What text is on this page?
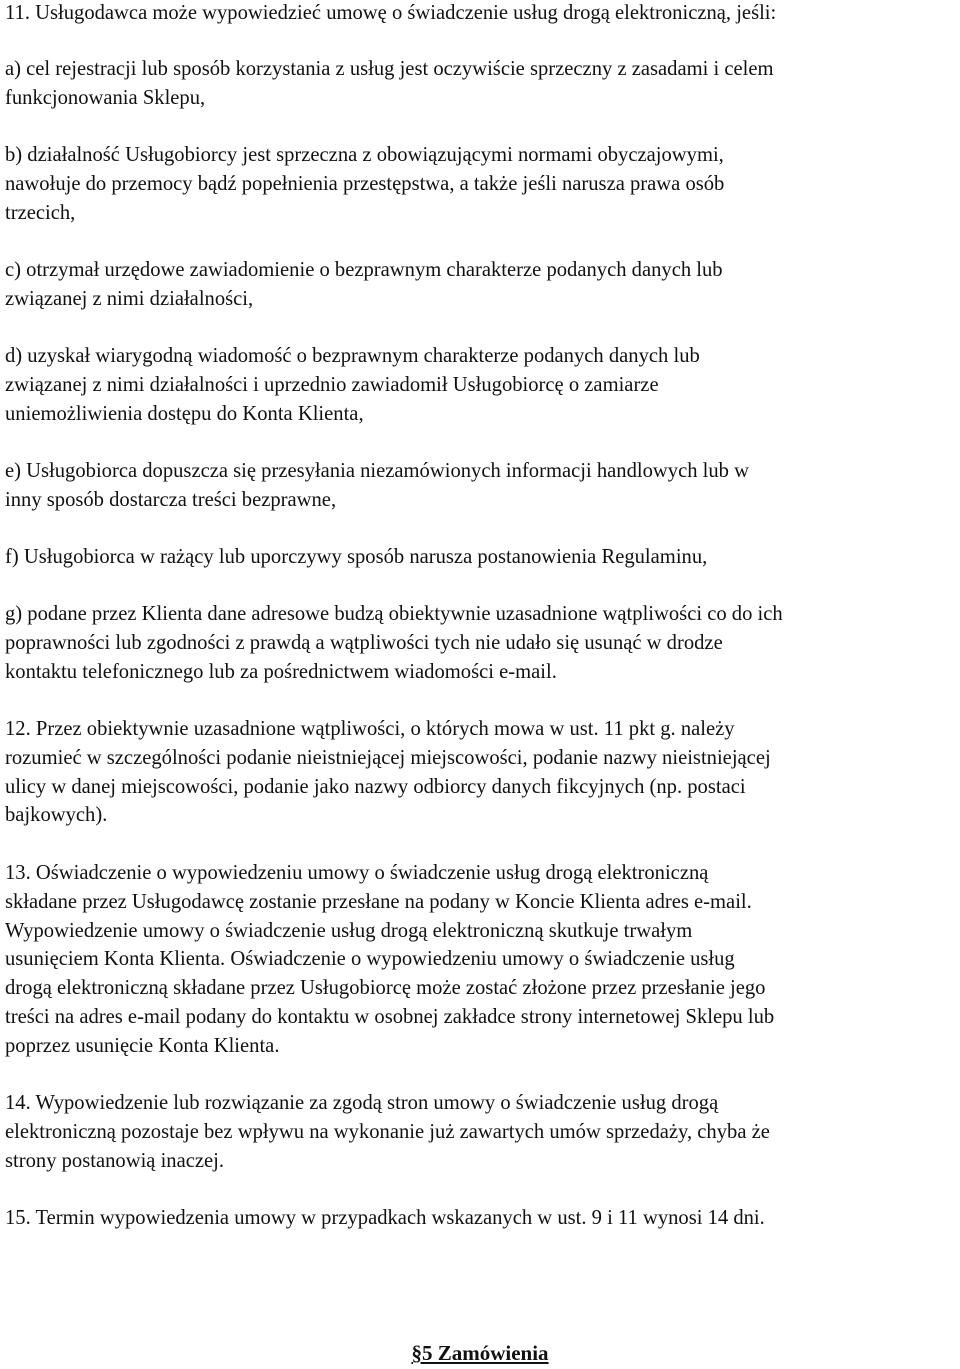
11. Usługodawca może wypowiedzieć umowę o świadczenie usług drogą elektroniczną, jeśli:

a) cel rejestracji lub sposób korzystania z usług jest oczywiście sprzeczny z zasadami i celem
funkcjonowania Sklepu,

b) działalność Usługobiorcy jest sprzeczna z obowiązującymi normami obyczajowymi,
nawołuje do przemocy bądź popełnienia przestępstwa, a także jeśli narusza prawa osób
trzecich,

c) otrzymał urzędowe zawiadomienie o bezprawnym charakterze podanych danych lub
związanej z nimi działalności,

d) uzyskał wiarygodną wiadomość o bezprawnym charakterze podanych danych lub
związanej z nimi działalności i uprzednio zawiadomił Usługobiorcę o zamiarze
uniemożliwienia dostępu do Konta Klienta,

e) Usługobiorca dopuszcza się przesyłania niezamówionych informacji handlowych lub w
inny sposób dostarcza treści bezprawne,

f) Usługobiorca w rażący lub uporczywy sposób narusza postanowienia Regulaminu,

g) podane przez Klienta dane adresowe budzą obiektywnie uzasadnione wątpliwości co do ich
poprawności lub zgodności z prawdą a wątpliwości tych nie udało się usunąć w drodze
kontaktu telefonicznego lub za pośrednictwem wiadomości e-mail.

12. Przez obiektywnie uzasadnione wątpliwości, o których mowa w ust. 11 pkt g. należy
rozumieć w szczególności podanie nieistniejącej miejscowości, podanie nazwy nieistniejącej
ulicy w danej miejscowości, podanie jako nazwy odbiorcy danych fikcyjnych (np. postaci
bajkowych).

13. Oświadczenie o wypowiedzeniu umowy o świadczenie usług drogą elektroniczną
składane przez Usługodawcę zostanie przesłane na podany w Koncie Klienta adres e-mail.
Wypowiedzenie umowy o świadczenie usług drogą elektroniczną skutkuje trwałym
usunięciem Konta Klienta. Oświadczenie o wypowiedzeniu umowy o świadczenie usług
drogą elektroniczną składane przez Usługobiorcę może zostać złożone przez przesłanie jego
treści na adres e-mail podany do kontaktu w osobnej zakładce strony internetowej Sklepu lub
poprzez usunięcie Konta Klienta.

14. Wypowiedzenie lub rozwiązanie za zgodą stron umowy o świadczenie usług drogą
elektroniczną pozostaje bez wpływu na wykonanie już zawartych umów sprzedaży, chyba że
strony postanowią inaczej.

15. Termin wypowiedzenia umowy w przypadkach wskazanych w ust. 9 i 11 wynosi 14 dni.

§5 Zamówienia
